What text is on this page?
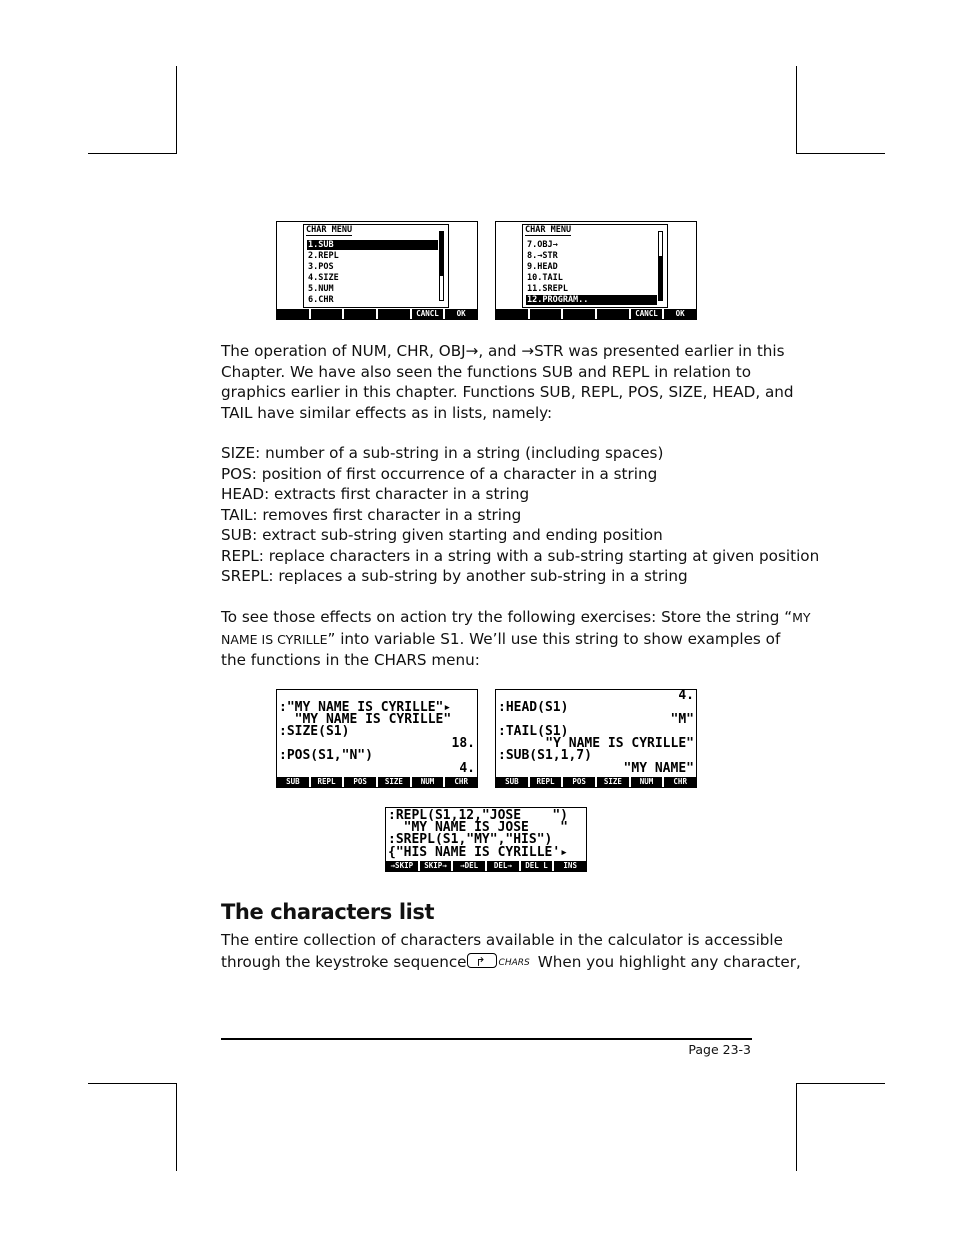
CHAR MENU
1.SUB
2.REPL
3.POS
4.SIZE
5.NUM
6.CHR
CANCL	OK
CHAR MENU
7.OBJ→
8.→STR
9.HEAD
10.TAIL
11.SREPL
12.PROGRAM..
CANCL	OK
The operation of NUM, CHR, OBJ→, and →STR was presented earlier in this
Chapter. We have also seen the functions SUB and REPL in relation to
graphics earlier in this chapter. Functions SUB, REPL, POS, SIZE, HEAD, and
TAIL have similar effects as in lists, namely:
SIZE: number of a sub-string in a string (including spaces)
POS: position of first occurrence of a character in a string
HEAD: extracts first character in a string
TAIL: removes first character in a string
SUB: extract sub-string given starting and ending position
REPL: replace characters in a string with a sub-string starting at given position
SREPL: replaces a sub-string by another sub-string in a string
To see those effects on action try the following exercises: Store the string “MY
NAME IS CYRILLE” into variable S1. We’ll use this string to show examples of
the functions in the CHARS menu:
:"MY NAME IS CYRILLE"▸
"MY NAME IS CYRILLE"
:SIZE(S1)
18.
:POS(S1,"N")
4.
SUB	REPL	POS	SIZE	NUM	CHR
4.
:HEAD(S1)
"M"
:TAIL(S1)
"Y NAME IS CYRILLE"
:SUB(S1,1,7)
"MY NAME"
SUB	REPL	POS	SIZE	NUM	CHR
:REPL(S1,12,"JOSE    ")
"MY NAME IS JOSE    "
:SREPL(S1,"MY","HIS")
{"HIS NAME IS CYRILLE'▸
→SKIP	SKIP→	→DEL	DEL→	DEL L	INS
The characters list
The entire collection of characters available in the calculator is accessible
through the keystroke sequence ↱ CHARS When you highlight any character,
Page 23-3
